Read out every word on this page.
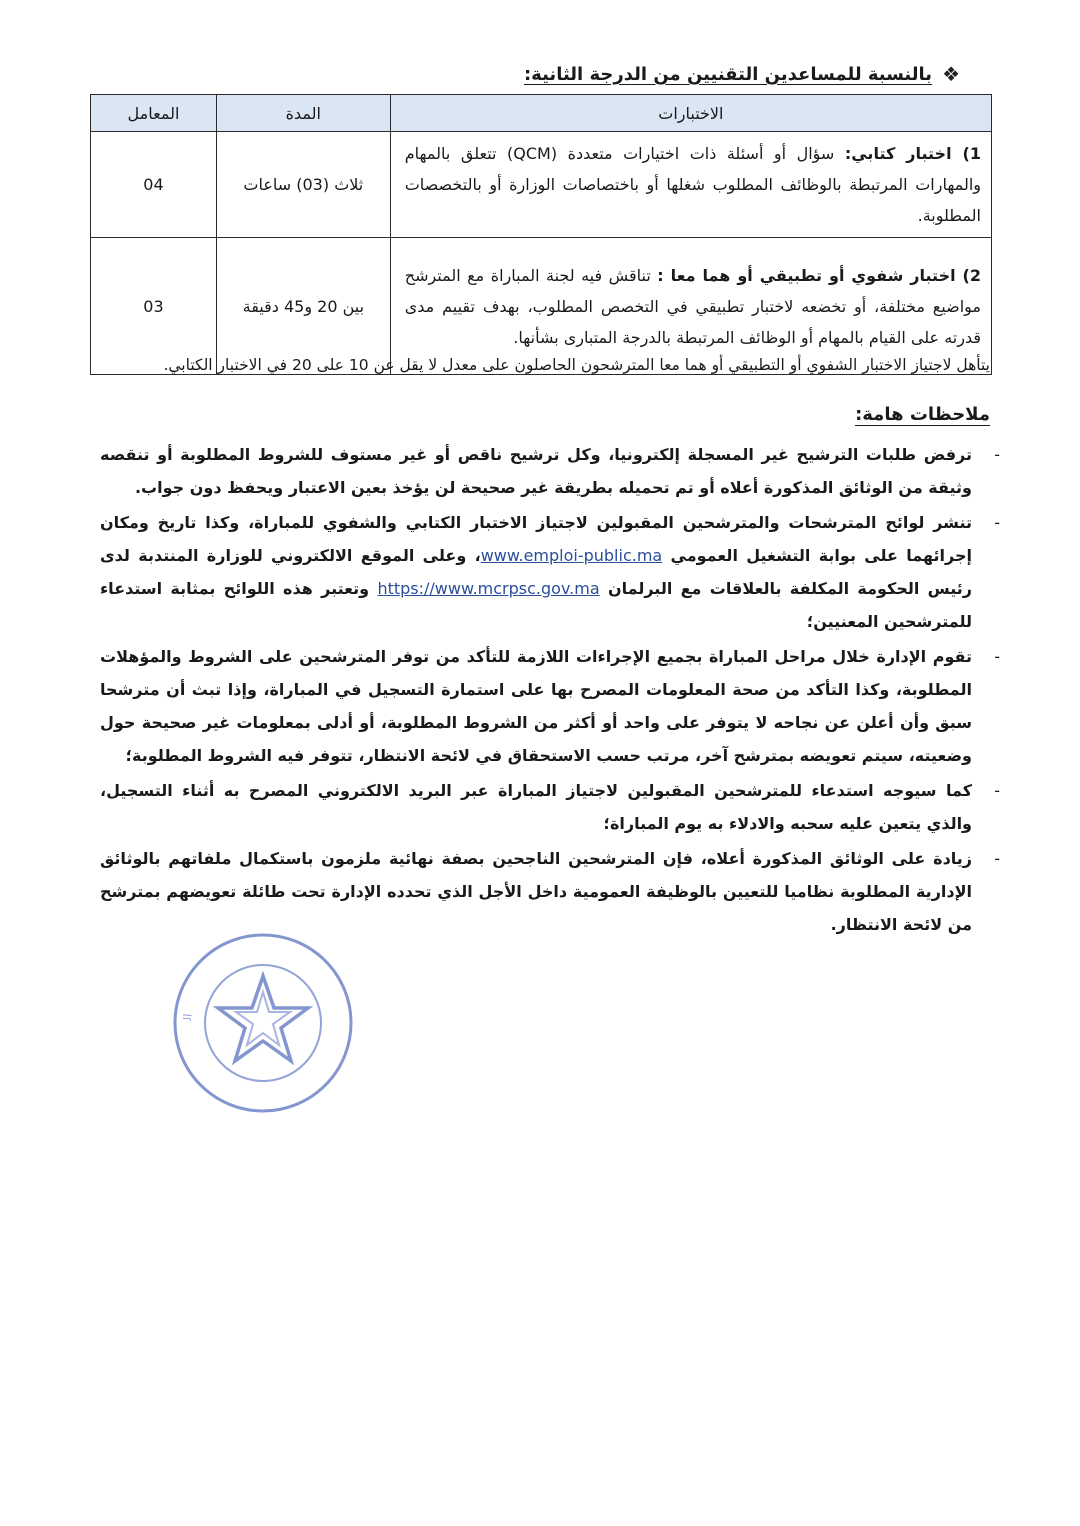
❖
بالنسبة للمساعدين التقنيين من الدرجة الثانية:
الاختبارات	المدة	المعامل
1) اختبار كتابي: سؤال أو أسئلة ذات اختيارات متعددة (QCM) تتعلق بالمهام والمهارات المرتبطة بالوظائف المطلوب شغلها أو باختصاصات الوزارة أو بالتخصصات المطلوبة.	ثلاث (03) ساعات	04
2) اختبار شفوي أو تطبيقي أو هما معا : تناقش فيه لجنة المباراة مع المترشح مواضيع مختلفة، أو تخضعه لاختبار تطبيقي في التخصص المطلوب، بهدف تقييم مدى قدرته على القيام بالمهام أو الوظائف المرتبطة بالدرجة المتبارى بشأنها.	بين 20 و45 دقيقة	03
يتأهل لاجتياز الاختبار الشفوي أو التطبيقي أو هما معا المترشحون الحاصلون على معدل لا يقل عن 10 على 20 في الاختبار الكتابي.
ملاحظات هامة:
-
ترفض طلبات الترشيح غير المسجلة إلكترونيا، وكل ترشيح ناقص أو غير مستوف للشروط المطلوبة أو تنقصه وثيقة من الوثائق المذكورة أعلاه أو تم تحميله بطريقة غير صحيحة لن يؤخذ بعين الاعتبار ويحفظ دون جواب.
-
تنشر لوائح المترشحات والمترشحين المقبولين لاجتياز الاختبار الكتابي والشفوي للمباراة، وكذا تاريخ ومكان إجرائهما على بوابة التشغيل العمومي www.emploi-public.ma، وعلى الموقع الالكتروني للوزارة المنتدبة لدى رئيس الحكومة المكلفة بالعلاقات مع البرلمان https://www.mcrpsc.gov.ma وتعتبر هذه اللوائح بمثابة استدعاء للمترشحين المعنيين؛
-
تقوم الإدارة خلال مراحل المباراة بجميع الإجراءات اللازمة للتأكد من توفر المترشحين على الشروط والمؤهلات المطلوبة، وكذا التأكد من صحة المعلومات المصرح بها على استمارة التسجيل في المباراة، وإذا تبث أن مترشحا سبق وأن أعلن عن نجاحه لا يتوفر على واحد أو أكثر من الشروط المطلوبة، أو أدلى بمعلومات غير صحيحة حول وضعيته، سيتم تعويضه بمترشح آخر، مرتب حسب الاستحقاق في لائحة الانتظار، تتوفر فيه الشروط المطلوبة؛
-
كما سيوجه استدعاء للمترشحين المقبولين لاجتياز المباراة عبر البريد الالكتروني المصرح به أثناء التسجيل، والذي يتعين عليه سحبه والادلاء به يوم المباراة؛
-
زيادة على الوثائق المذكورة أعلاه، فإن المترشحين الناجحين بصفة نهائية ملزمون باستكمال ملفاتهم بالوثائق الإدارية المطلوبة نظاميا للتعيين بالوظيفة العمومية داخل الأجل الذي تحدده الإدارة تحت طائلة تعويضهم بمترشح من لائحة الانتظار.
ال
